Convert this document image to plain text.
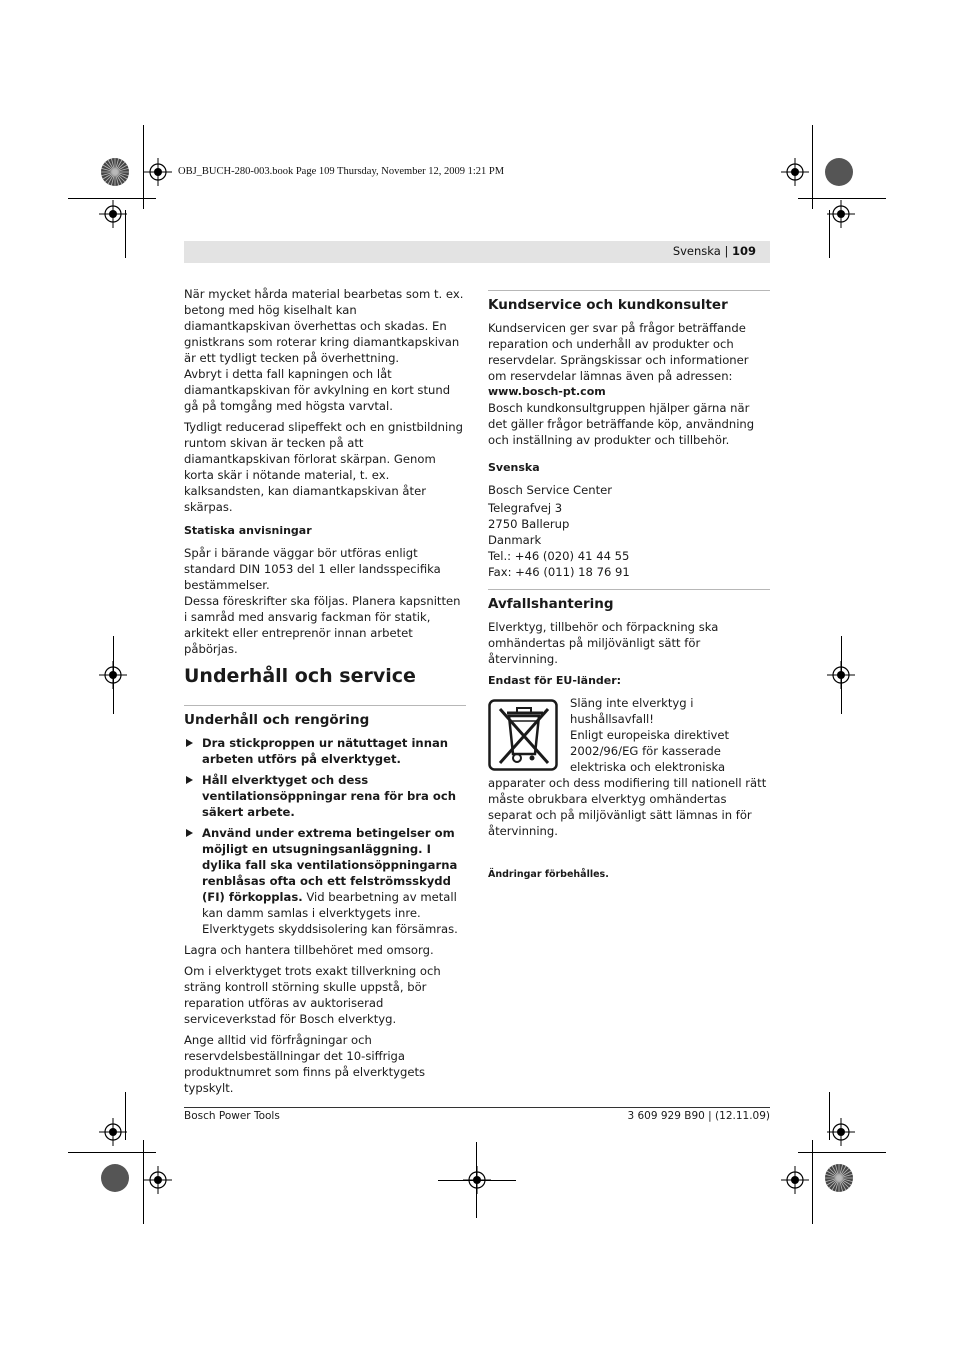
OBJ_BUCH-280-003.book Page 109 Thursday, November 12, 2009 1:21 PM
Svenska | 109

När mycket hårda material bearbetas som t. ex. betong med hög kiselhalt kan diamantkapskivan överhettas och skadas. En gnistkrans som roterar kring diamantkapskivan är ett tydligt tecken på överhettning.
Avbryt i detta fall kapningen och låt diamantkapskivan för avkylning en kort stund gå på tomgång med högsta varvtal.

Tydligt reducerad slipeffekt och en gnistbildning runtom skivan är tecken på att diamantkapskivan förlorat skärpan. Genom korta skär i nötande material, t. ex. kalksandsten, kan diamantkapskivan åter skärpas.

Statiska anvisningar

Spår i bärande väggar bör utföras enligt standard DIN 1053 del 1 eller landsspecifika bestämmelser.
Dessa föreskrifter ska följas. Planera kapsnitten i samråd med ansvarig fackman för statik, arkitekt eller entreprenör innan arbetet påbörjas.

Underhåll och service
Underhåll och rengöring
Dra stickproppen ur nätuttaget innan arbeten utförs på elverktyget.
Håll elverktyget och dess ventilationsöppningar rena för bra och säkert arbete.
Använd under extrema betingelser om möjligt en utsugningsanläggning. I dylika fall ska ventilationsöppningarna renblåsas ofta och ett felströmsskydd (FI) förkopplas. Vid bearbetning av metall kan damm samlas i elverktygets inre. Elverktygets skyddsisolering kan försämras.

Lagra och hantera tillbehöret med omsorg.

Om i elverktyget trots exakt tillverkning och sträng kontroll störning skulle uppstå, bör reparation utföras av auktoriserad serviceverkstad för Bosch elverktyg.

Ange alltid vid förfrågningar och reservdelsbeställningar det 10-siffriga produktnumret som finns på elverktygets typskylt.

Kundservice och kundkonsulter
Kundservicen ger svar på frågor beträffande reparation och underhåll av produkter och reservdelar. Sprängskissar och informationer om reservdelar lämnas även på adressen:
www.bosch-pt.com

Bosch kundkonsultgruppen hjälper gärna när det gäller frågor beträffande köp, användning och inställning av produkter och tillbehör.

Svenska
Bosch Service Center
Telegrafvej 3
2750 Ballerup
Danmark
Tel.: +46 (020) 41 44 55
Fax: +46 (011) 18 76 91
Avfallshantering

Elverktyg, tillbehör och förpackning ska omhändertas på miljövänligt sätt för återvinning.

Endast för EU-länder:
Släng inte elverktyg i hushållsavfall!
Enligt europeiska direktivet 2002/96/EG för kasserade elektriska och elektroniska apparater och dess modifiering till nationell rätt måste obrukbara elverktyg omhändertas separat och på miljövänligt sätt lämnas in för återvinning.
Ändringar förbehålles.
Bosch Power Tools	3 609 929 B90 | (12.11.09)
